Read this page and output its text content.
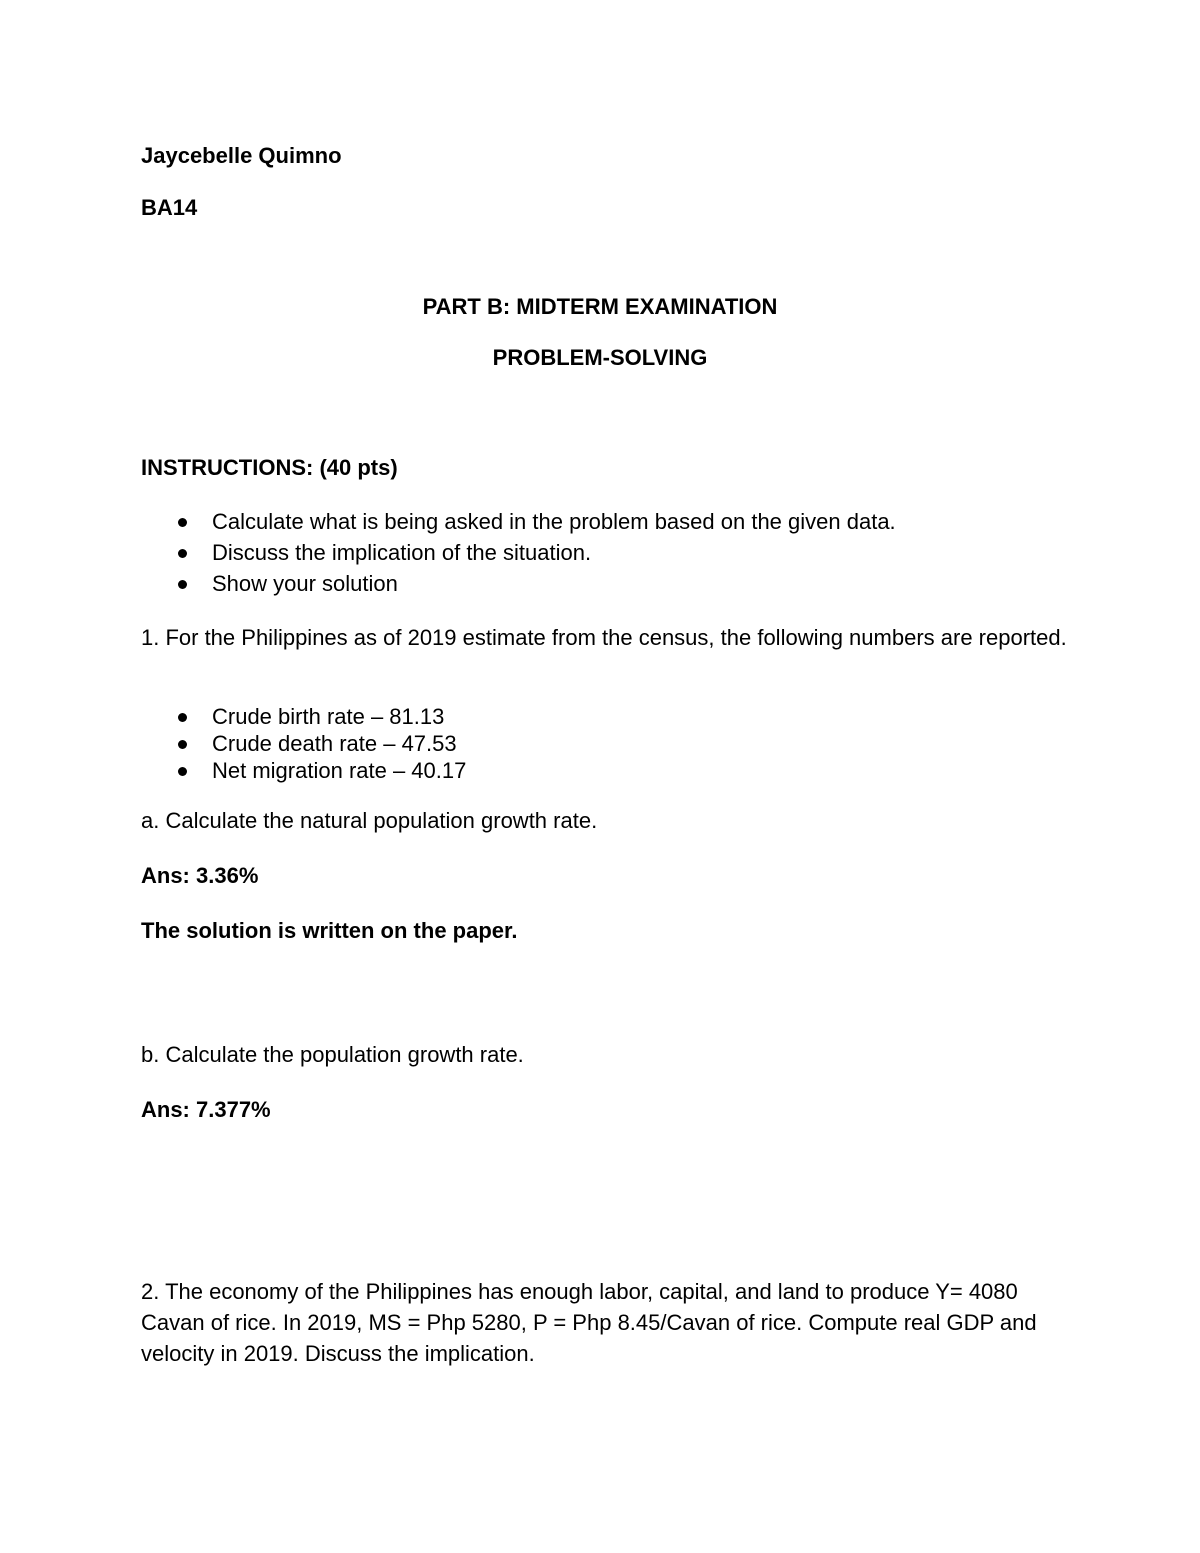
Jaycebelle Quimno
BA14
PART B: MIDTERM EXAMINATION
PROBLEM-SOLVING
INSTRUCTIONS: (40 pts)
Calculate what is being asked in the problem based on the given data.
Discuss the implication of the situation.
Show your solution
1. For the Philippines as of 2019 estimate from the census, the following numbers are reported.
Crude birth rate – 81.13
Crude death rate – 47.53
Net migration rate – 40.17
a. Calculate the natural population growth rate.
Ans: 3.36%
The solution is written on the paper.
b. Calculate the population growth rate.
Ans: 7.377%
2. The economy of the Philippines has enough labor, capital, and land to produce Y= 4080 Cavan of rice. In 2019, MS = Php 5280, P = Php 8.45/Cavan of rice. Compute real GDP and velocity in 2019. Discuss the implication.
